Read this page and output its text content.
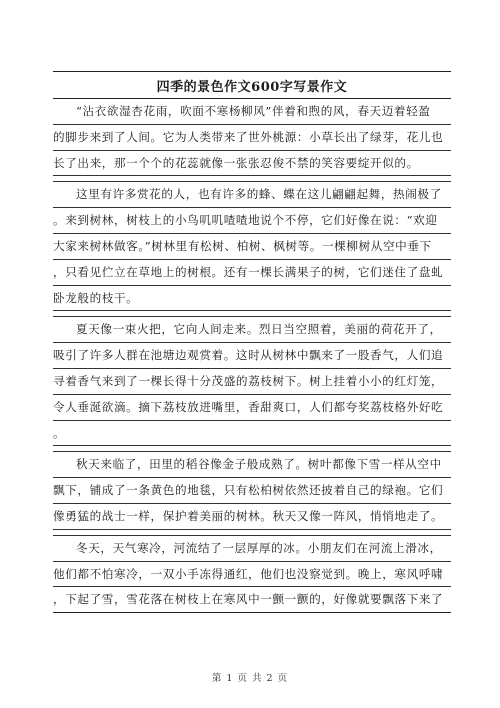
四季的景色作文600字写景作文
“沾衣欲湿杏花雨，吹面不寒杨柳风”伴着和煦的风，春天迈着轻盈
的脚步来到了人间。它为人类带来了世外桃源：小草长出了绿芽，花儿也
长了出来，那一个个的花蕊就像一张张忍俊不禁的笑容要绽开似的。
这里有许多赏花的人，也有许多的蜂、蝶在这儿翩翩起舞，热闹极了
。来到树林，树枝上的小鸟叽叽喳喳地说个不停，它们好像在说：“欢迎
大家来树林做客。”树林里有松树、柏树、枫树等。一棵柳树从空中垂下
，只看见伫立在草地上的树根。还有一棵长满果子的树，它们迷住了盘虬
卧龙般的枝干。
夏天像一束火把，它向人间走来。烈日当空照着，美丽的荷花开了，
吸引了许多人群在池塘边观赏着。这时从树林中飘来了一股香气，人们追
寻着香气来到了一棵长得十分茂盛的荔枝树下。树上挂着小小的红灯笼，
令人垂涎欲滴。摘下荔枝放进嘴里，香甜爽口，人们都夸奖荔枝格外好吃
。
秋天来临了，田里的稻谷像金子般成熟了。树叶都像下雪一样从空中
飘下，铺成了一条黄色的地毯，只有松柏树依然还披着自己的绿袍。它们
像勇猛的战士一样，保护着美丽的树林。秋天又像一阵风，悄悄地走了。
冬天，天气寒冷，河流结了一层厚厚的冰。小朋友们在河流上滑冰，
他们都不怕寒冷，一双小手冻得通红，他们也没察觉到。晚上，寒风呼啸
，下起了雪，雪花落在树枝上在寒风中一颤一颤的，好像就要飘落下来了
第 1 页 共 2 页
